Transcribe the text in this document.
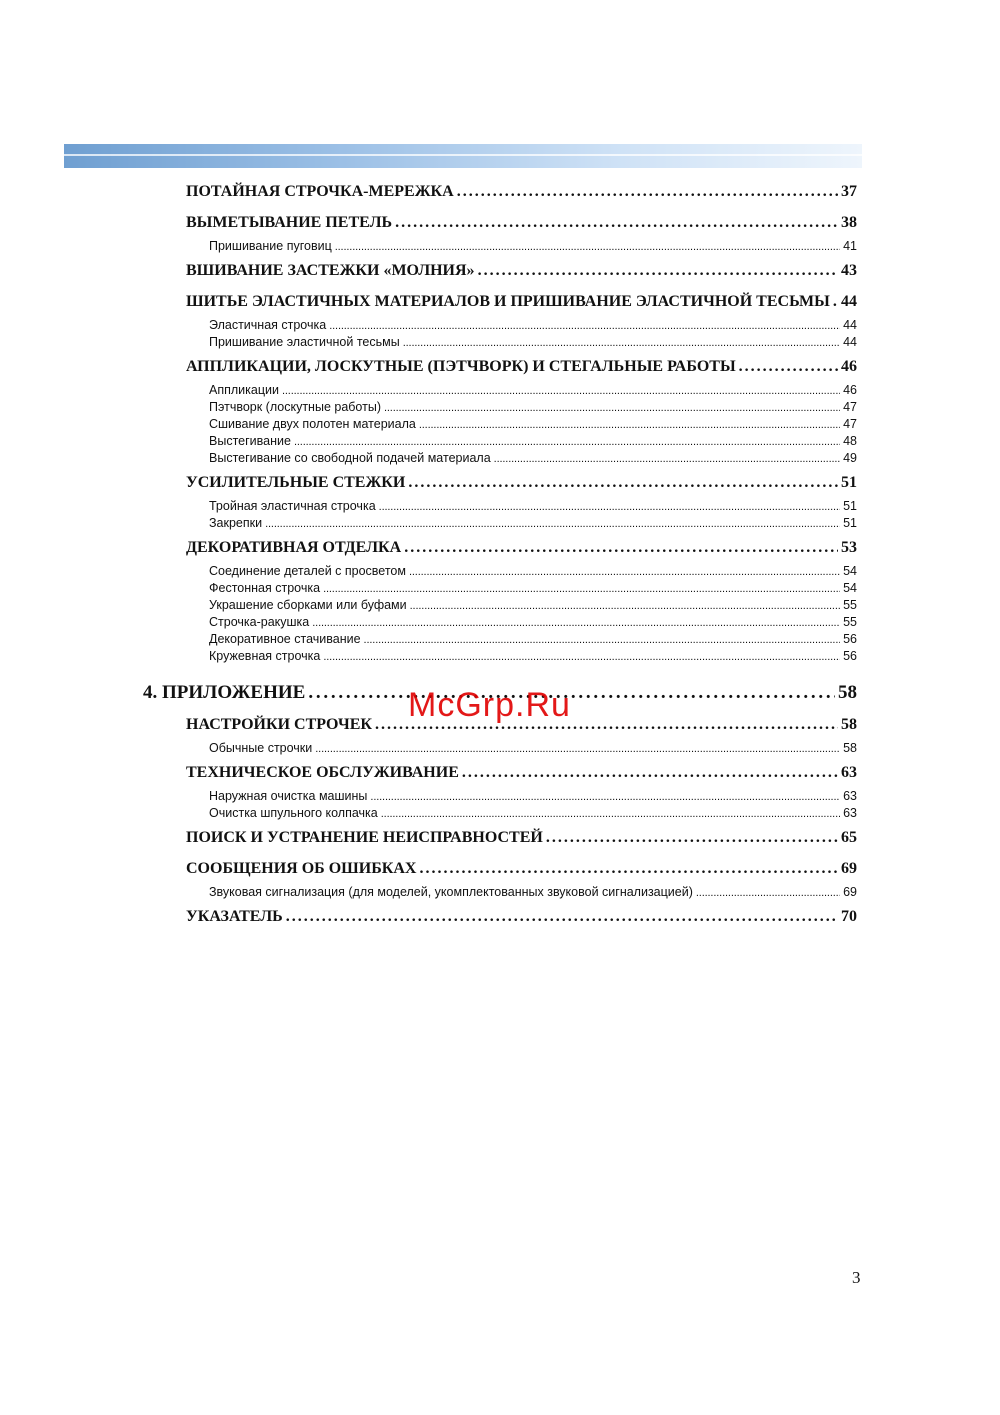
ПОТАЙНАЯ СТРОЧКА-МЕРЕЖКА . . .	37
ВЫМЕТЫВАНИЕ ПЕТЕЛЬ . . .	38
Пришивание пуговиц . . .	41
ВШИВАНИЕ ЗАСТЕЖКИ «МОЛНИЯ» . . .	43
ШИТЬЕ ЭЛАСТИЧНЫХ МАТЕРИАЛОВ И ПРИШИВАНИЕ ЭЛАСТИЧНОЙ ТЕСЬМЫ . . . 44
Эластичная строчка . . .	44
Пришивание эластичной тесьмы . . .	44
АППЛИКАЦИИ, ЛОСКУТНЫЕ (ПЭТЧВОРК) И СТЕГАЛЬНЫЕ РАБОТЫ . . .	46
Аппликации . . .	46
Пэтчворк (лоскутные работы) . . .	47
Сшивание двух полотен материала . . .	47
Выстегивание . . .	48
Выстегивание со свободной подачей материала . . .	49
УСИЛИТЕЛЬНЫЕ СТЕЖКИ . . .	51
Тройная эластичная строчка . . .	51
Закрепки . . .	51
ДЕКОРАТИВНАЯ ОТДЕЛКА . . .	53
Соединение деталей с просветом . . .	54
Фестонная строчка . . .	54
Украшение сборками или буфами . . .	55
Строчка-ракушка . . .	55
Декоративное стачивание . . .	56
Кружевная строчка . . .	56
4. ПРИЛОЖЕНИЕ . . .	58
НАСТРОЙКИ СТРОЧЕК . . .	58
Обычные строчки . . .	58
ТЕХНИЧЕСКОЕ ОБСЛУЖИВАНИЕ . . .	63
Наружная очистка машины . . .	63
Очистка шпульного колпачка . . .	63
ПОИСК И УСТРАНЕНИЕ НЕИСПРАВНОСТЕЙ . . .	65
СООБЩЕНИЯ ОБ ОШИБКАХ . . .	69
Звуковая сигнализация (для моделей, укомплектованных звуковой сигнализацией) . . .	69
УКАЗАТЕЛЬ . . .	70
McGrp.Ru
3
